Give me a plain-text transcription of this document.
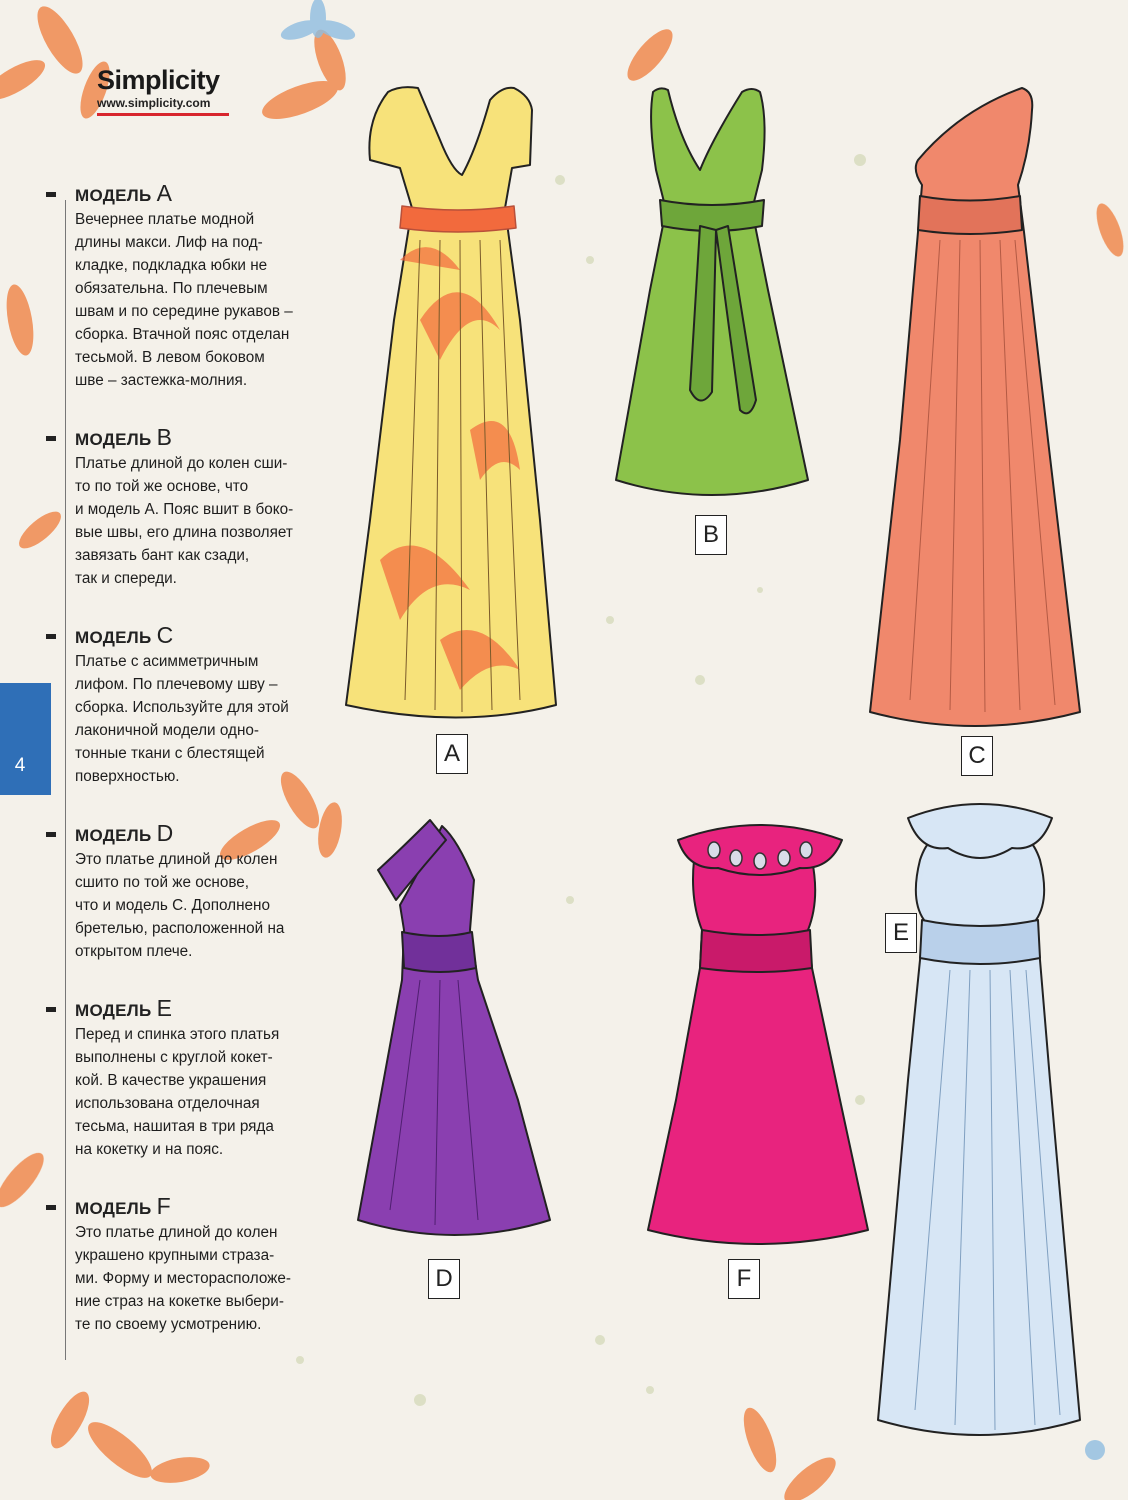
Simplicity
www.simplicity.com
4
МОДЕЛЬ A
Вечернее платье модной
длины макси. Лиф на под-
кладке, подкладка юбки не
обязательна. По плечевым
швам и по середине рукавов –
сборка. Втачной пояс отделан
тесьмой. В левом боковом
шве – застежка-молния.
МОДЕЛЬ B
Платье длиной до колен сши-
то по той же основе, что
и модель А. Пояс вшит в боко-
вые швы, его длина позволяет
завязать бант как сзади,
так и спереди.
МОДЕЛЬ C
Платье с асимметричным
лифом. По плечевому шву –
сборка. Используйте для этой
лаконичной модели одно-
тонные ткани с блестящей
поверхностью.
МОДЕЛЬ D
Это платье длиной до колен
сшито по той же основе,
что и модель С. Дополнено
бретелью, расположенной на
открытом плече.
МОДЕЛЬ E
Перед и спинка этого платья
выполнены с круглой кокет-
кой. В качестве украшения
использована отделочная
тесьма, нашитая в три ряда
на кокетку и на пояс.
МОДЕЛЬ F
Это платье длиной до колен
украшено крупными страза-
ми. Форму и месторасположе-
ние страз на кокетке выбери-
те по своему усмотрению.
A
B
C
D
E
F
